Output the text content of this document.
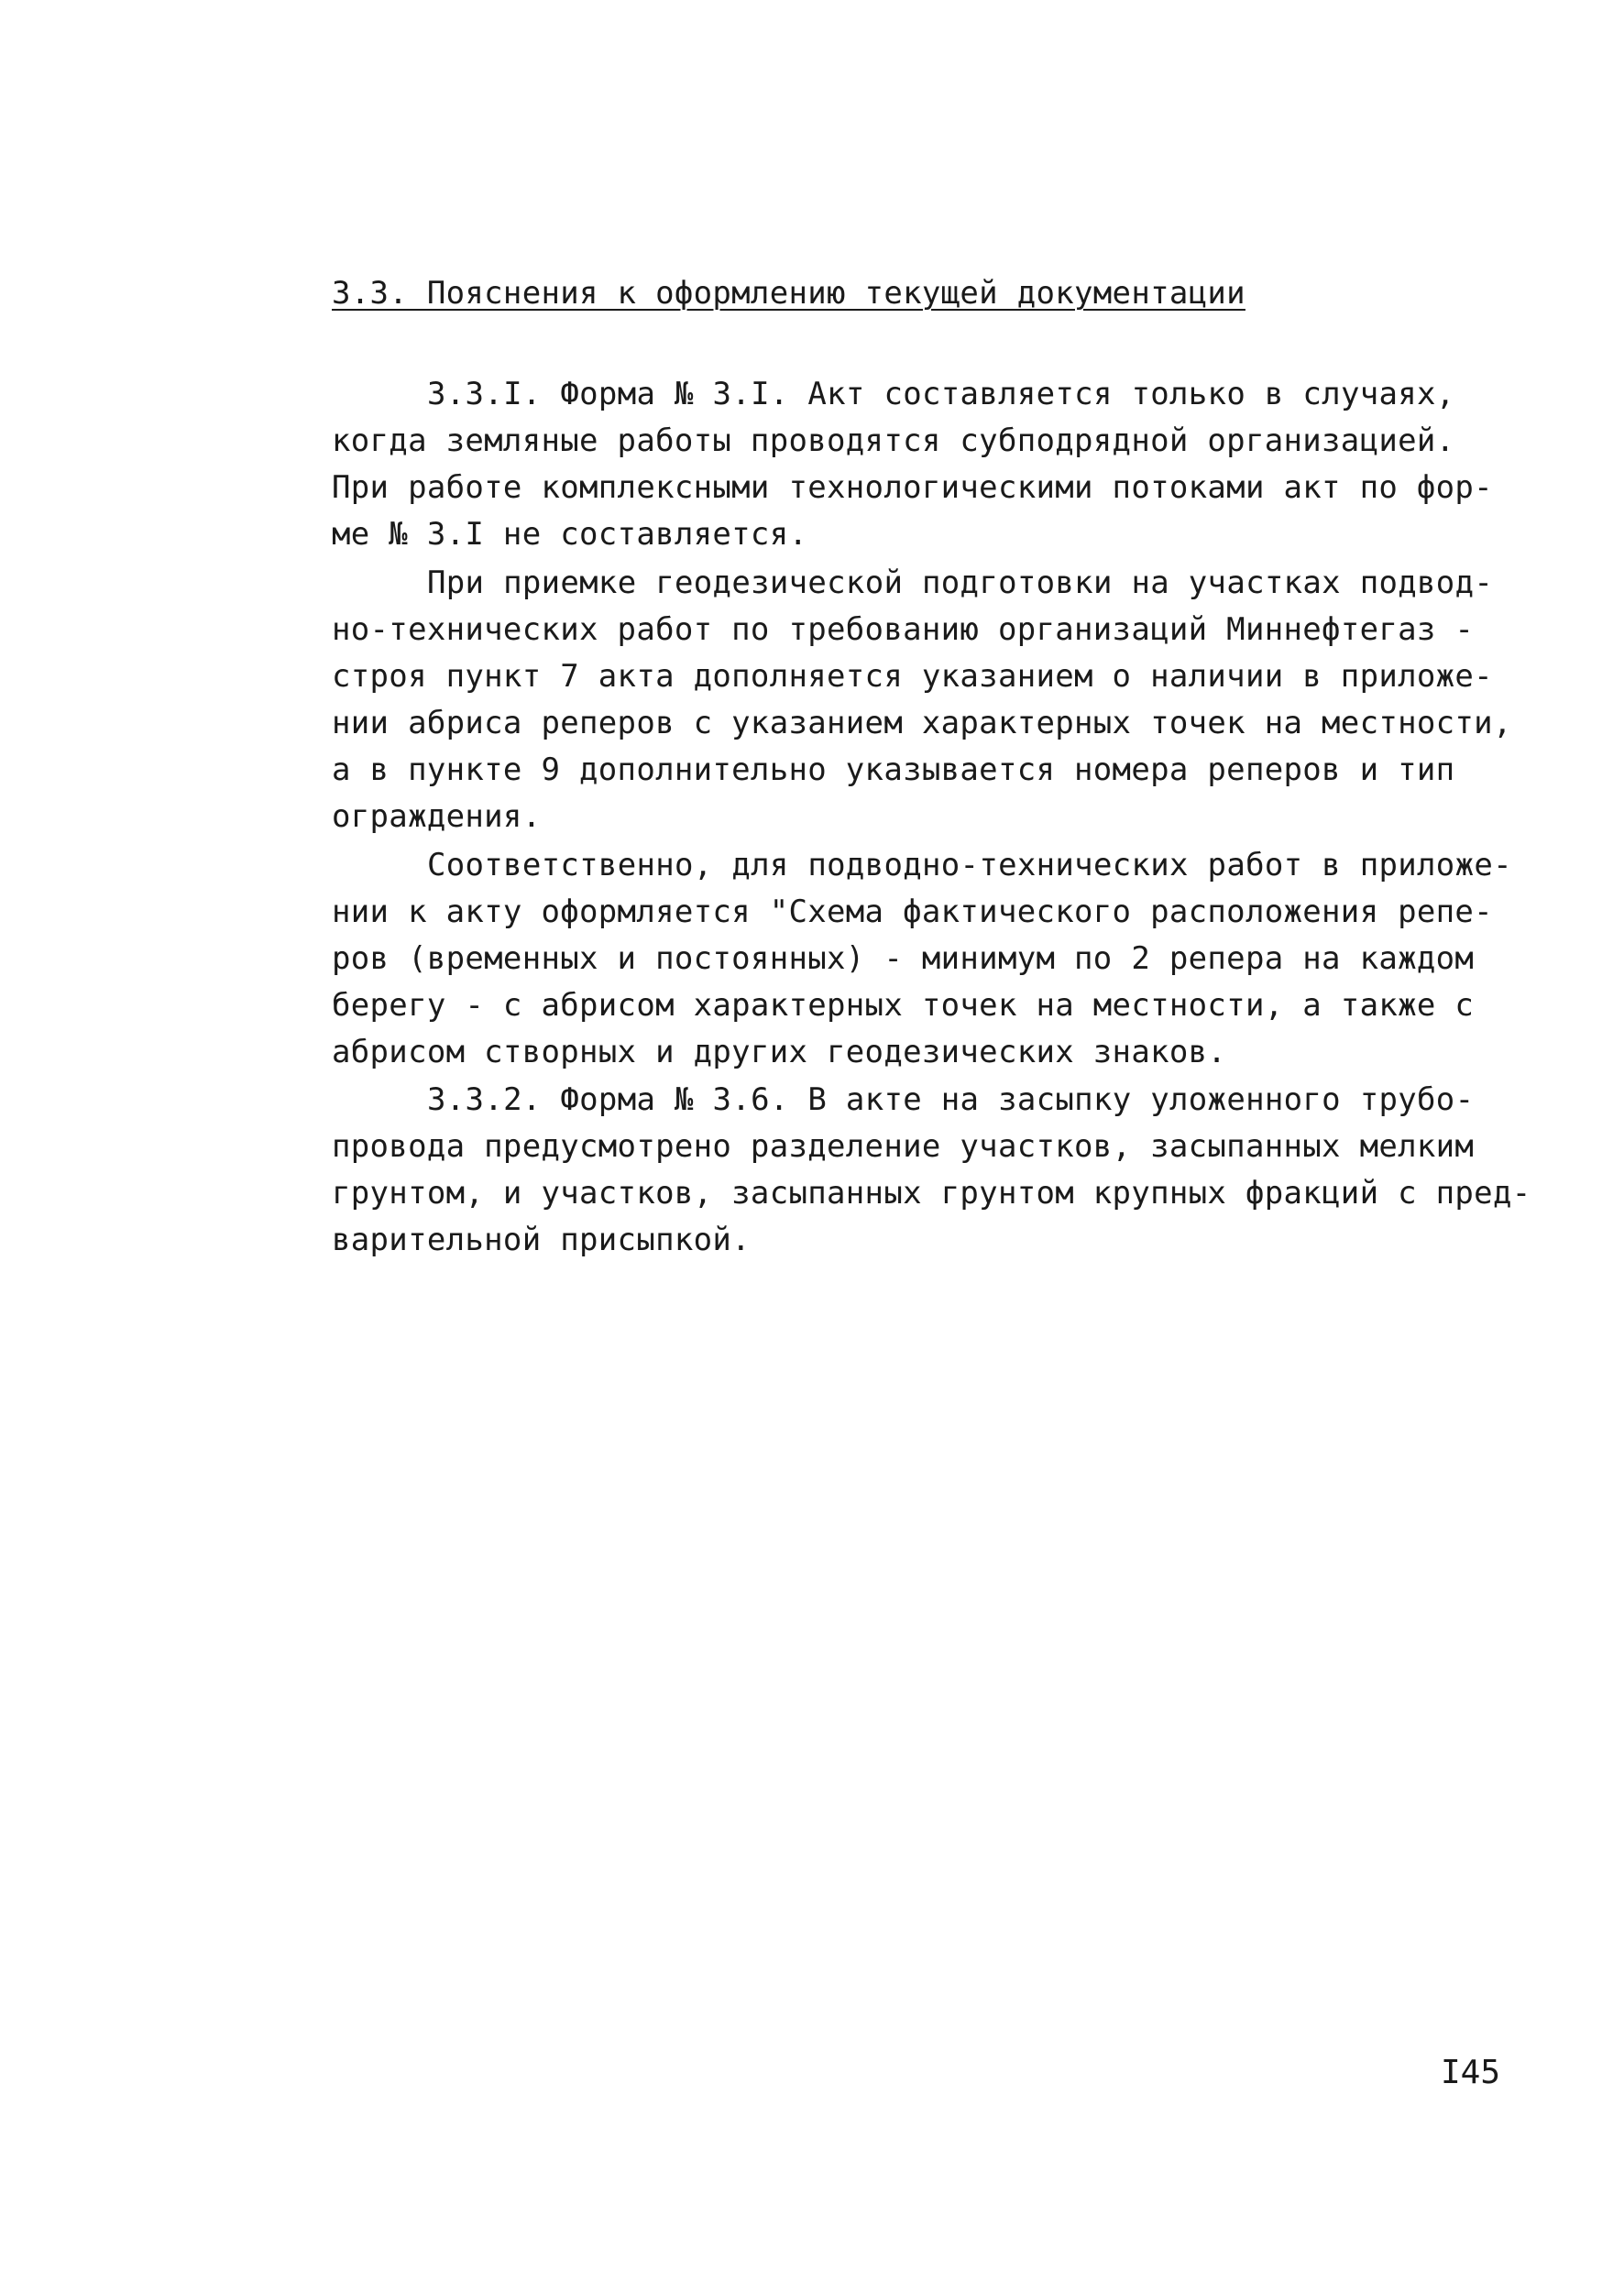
3.3. Пояснения к оформлению текущей документации
3.3.I. Форма № 3.I. Акт составляется только в случаях,
когда земляные работы проводятся субподрядной организацией.
При работе комплексными технологическими потоками акт по фор-
ме № 3.I не составляется.
При приемке геодезической подготовки на участках подвод-
но-технических работ по требованию организаций Миннефтегаз -
строя пункт 7 акта дополняется указанием о наличии в приложе-
нии абриса реперов с указанием характерных точек на местности,
а в пункте 9 дополнительно указывается номера реперов и тип
ограждения.
Соответственно, для подводно-технических работ в приложе-
нии к акту оформляется "Схема фактического расположения репе-
ров (временных и постоянных) - минимум по 2 репера на каждом
берегу - с абрисом характерных точек на местности, а также с
абрисом створных и других геодезических знаков.
3.3.2. Форма № 3.6. В акте на засыпку уложенного трубо-
провода предусмотрено разделение участков, засыпанных мелким
грунтом, и участков, засыпанных грунтом крупных фракций с пред-
варительной присыпкой.
I45
